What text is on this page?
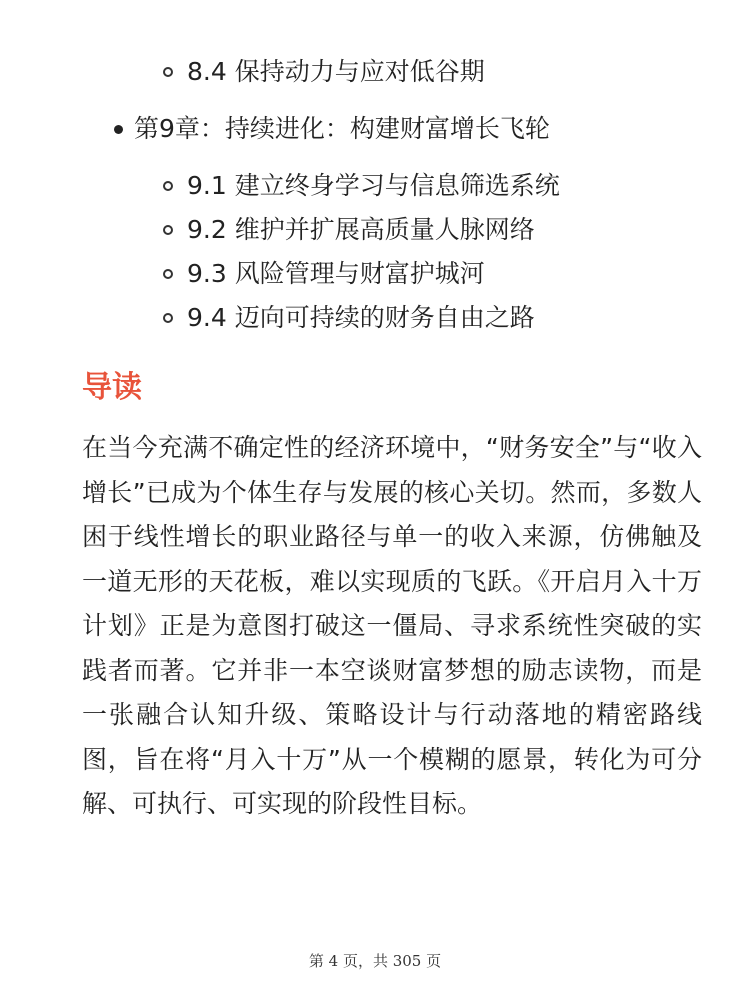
8.4 保持动力与应对低谷期
第9章：持续进化：构建财富增长飞轮
9.1 建立终身学习与信息筛选系统
9.2 维护并扩展高质量人脉网络
9.3 风险管理与财富护城河
9.4 迈向可持续的财务自由之路
导读
在当今充满不确定性的经济环境中，“财务安全”与“收入增长”已成为个体生存与发展的核心关切。然而，多数人困于线性增长的职业路径与单一的收入来源，仿佛触及一道无形的天花板，难以实现质的飞跃。《开启月入十万计划》正是为意图打破这一僵局、寻求系统性突破的实践者而著。它并非一本空谈财富梦想的励志读物，而是一张融合认知升级、策略设计与行动落地的精密路线图，旨在将“月入十万”从一个模糊的愿景，转化为可分解、可执行、可实现的阶段性目标。
第 4 页，共 305 页
